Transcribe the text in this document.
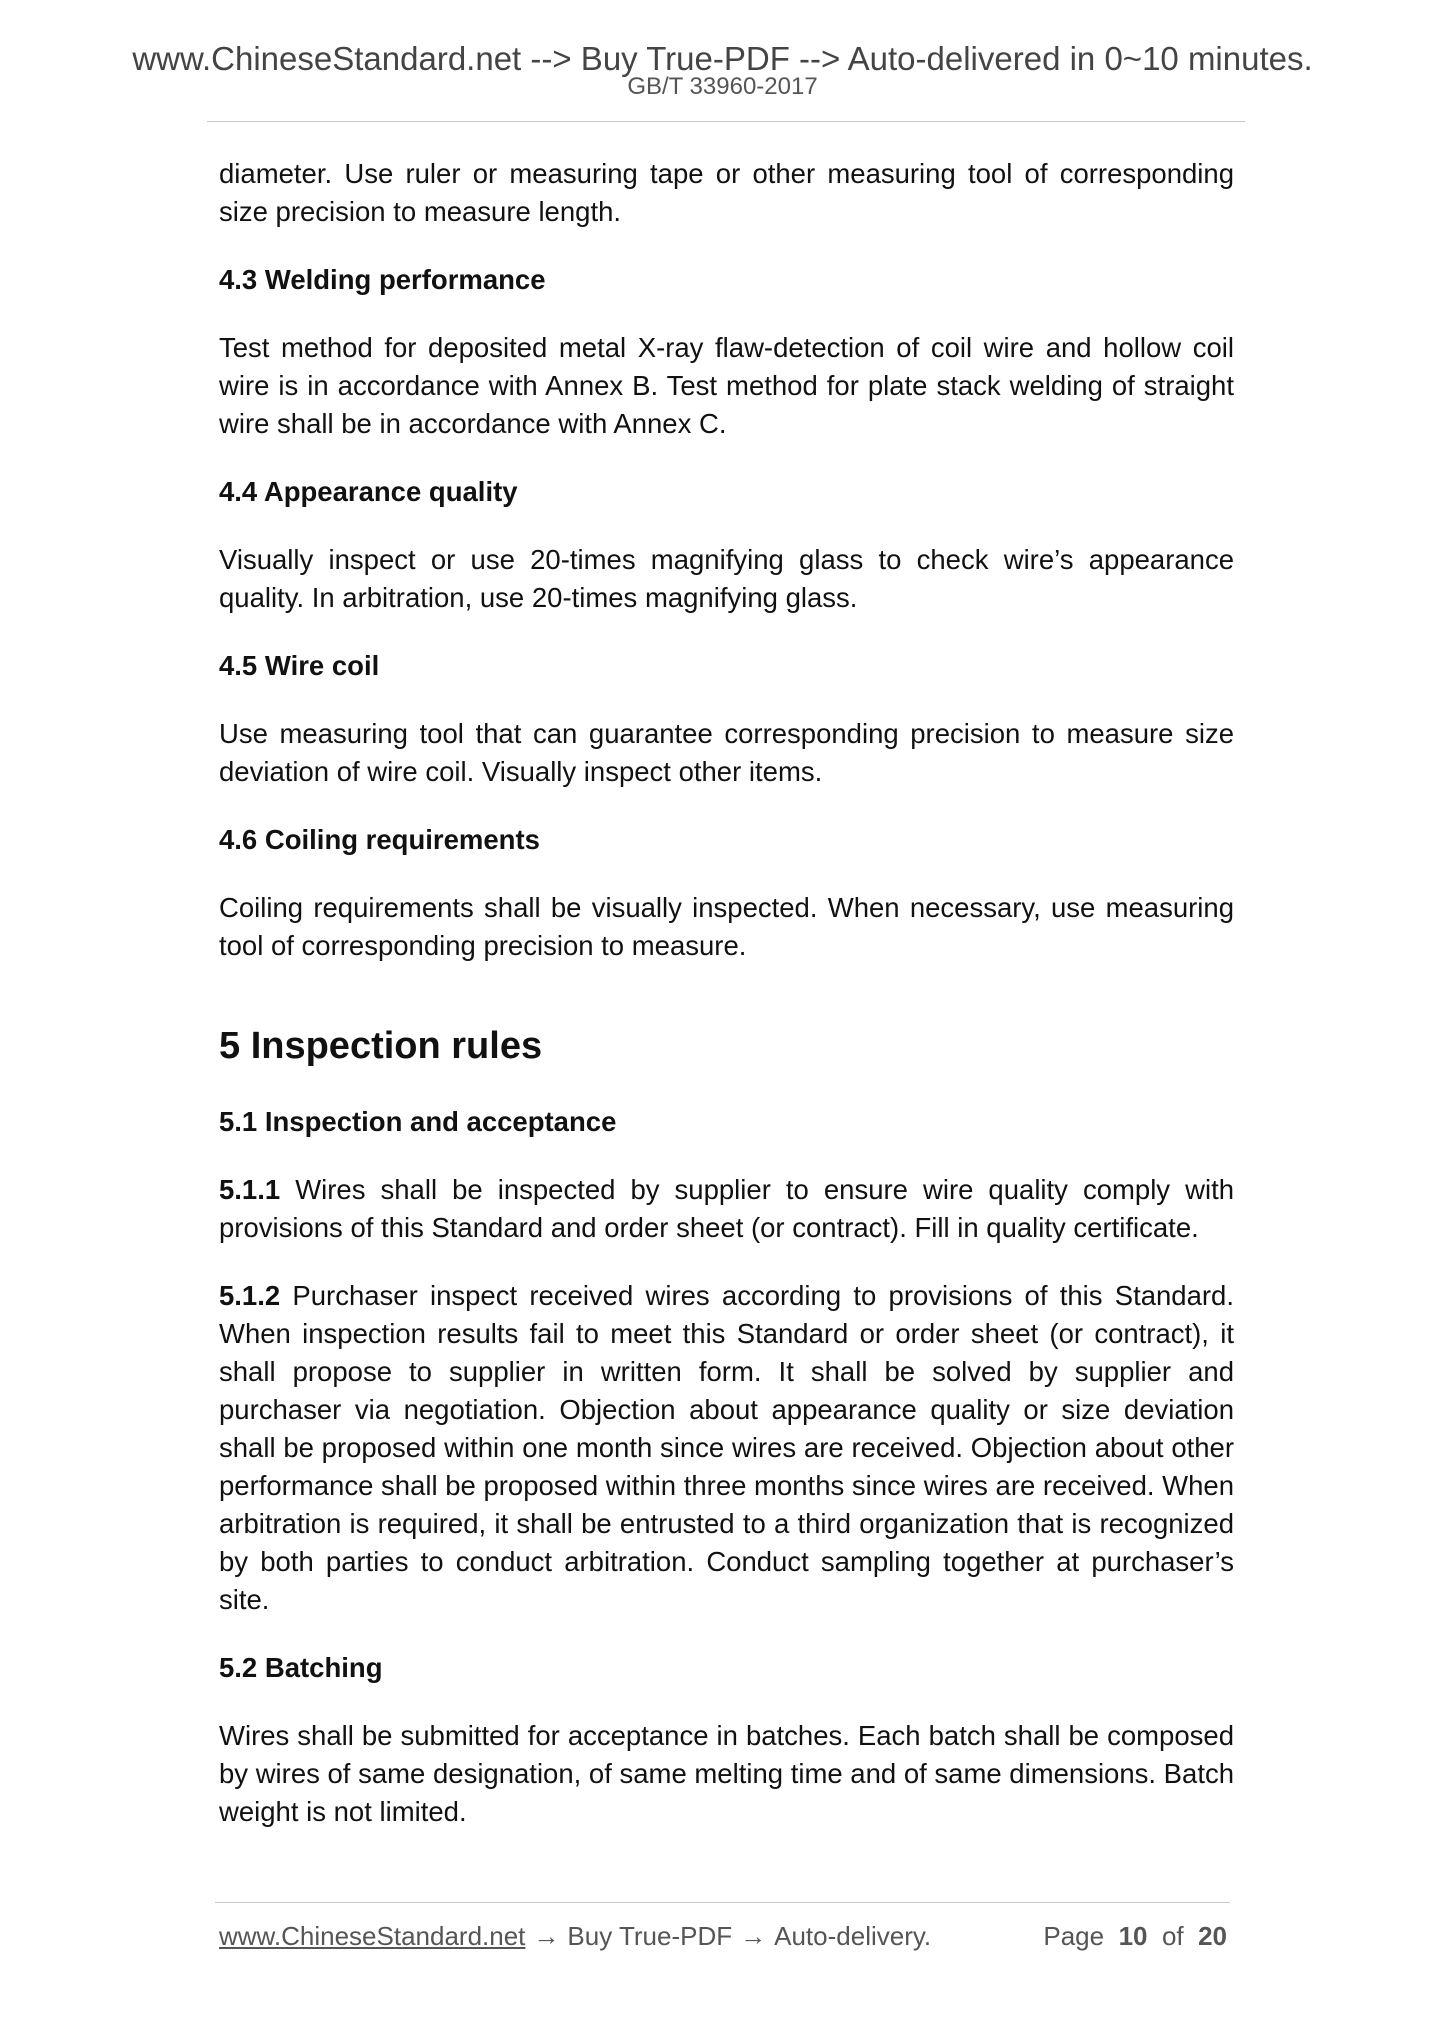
www.ChineseStandard.net --> Buy True-PDF --> Auto-delivered in 0~10 minutes.
GB/T 33960-2017

diameter. Use ruler or measuring tape or other measuring tool of corresponding size precision to measure length.

4.3 Welding performance

Test method for deposited metal X-ray flaw-detection of coil wire and hollow coil wire is in accordance with Annex B. Test method for plate stack welding of straight wire shall be in accordance with Annex C.

4.4 Appearance quality

Visually inspect or use 20-times magnifying glass to check wire’s appearance quality. In arbitration, use 20-times magnifying glass.

4.5 Wire coil

Use measuring tool that can guarantee corresponding precision to measure size deviation of wire coil. Visually inspect other items.

4.6 Coiling requirements

Coiling requirements shall be visually inspected. When necessary, use measuring tool of corresponding precision to measure.

5 Inspection rules
5.1 Inspection and acceptance

5.1.1 Wires shall be inspected by supplier to ensure wire quality comply with provisions of this Standard and order sheet (or contract). Fill in quality certificate.

5.1.2 Purchaser inspect received wires according to provisions of this Standard. When inspection results fail to meet this Standard or order sheet (or contract), it shall propose to supplier in written form. It shall be solved by supplier and purchaser via negotiation. Objection about appearance quality or size deviation shall be proposed within one month since wires are received. Objection about other performance shall be proposed within three months since wires are received. When arbitration is required, it shall be entrusted to a third organization that is recognized by both parties to conduct arbitration. Conduct sampling together at purchaser’s site.

5.2 Batching

Wires shall be submitted for acceptance in batches. Each batch shall be composed by wires of same designation, of same melting time and of same dimensions. Batch weight is not limited.

www.ChineseStandard.net → Buy True-PDF → Auto-delivery.	Page 10 of 20
